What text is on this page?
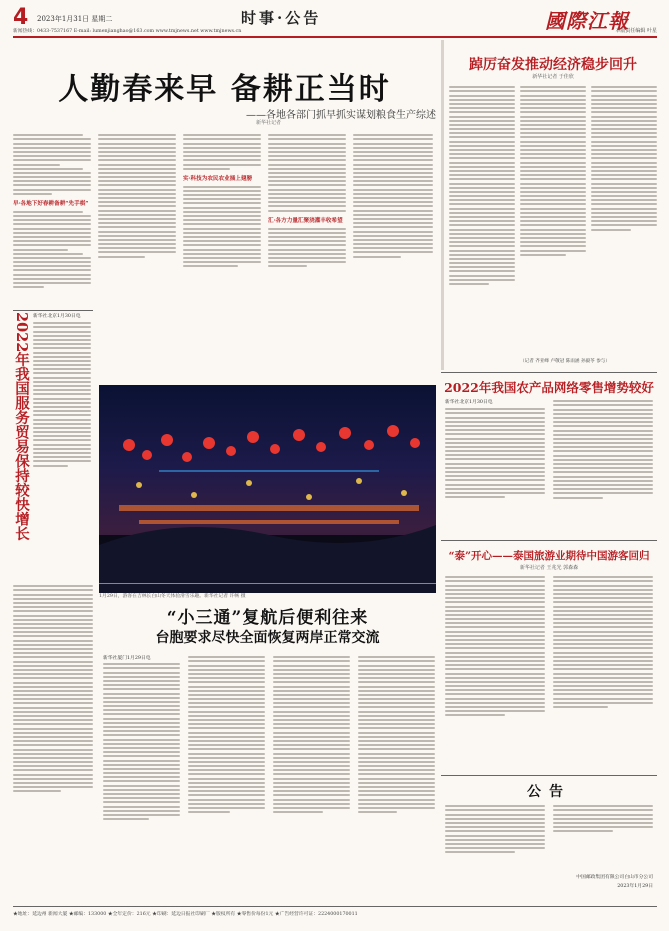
4 2023年1月31日 星期二	时事·公告	國際江報
新闻热线：0433-7537167 E-mail: lumenjianghao@163.com www.tmjnews.net www.tmjnews.cn	本版责任编辑 叶星
人勤春来早 备耕正当时
——各地各部门抓早抓实谋划粮食生产综述
新华社记者
早·各地下好春耕备耕“先手棋”
2022年我国服务贸易保持较快增长 新华社北京1月30日电
实·科技为农民农业插上翅膀
汇·各方力量汇聚浇灌丰收希望
1月29日，游客在吉林长白山冬天体验滑雪乐趣。新华社记者 许畅 摄
踔厉奋发推动经济稳步回升
新华社记者 于佳欣
（记者 齐亚峰 卢敬冠 陈雨涵 孙毅苓 参与）
2022年我国农产品网络零售增势较好
新华社北京1月30日电
“泰”开心——泰国旅游业期待中国游客回归
新华社记者 王兆光 郭森森
“小三通”复航后便利往来
台胞要求尽快全面恢复两岸正常交流
新华社厦门1月29日电
公告
中国邮政集团有限公司白山市分公司
2023年1月29日
★地址：延边州 新闻大厦 ★邮编：133000 ★全年定价：216元 ★印刷：延边日报社印刷厂 ★版权所有 ★零售价每份1元 ★广告经营许可证：2224000170011
